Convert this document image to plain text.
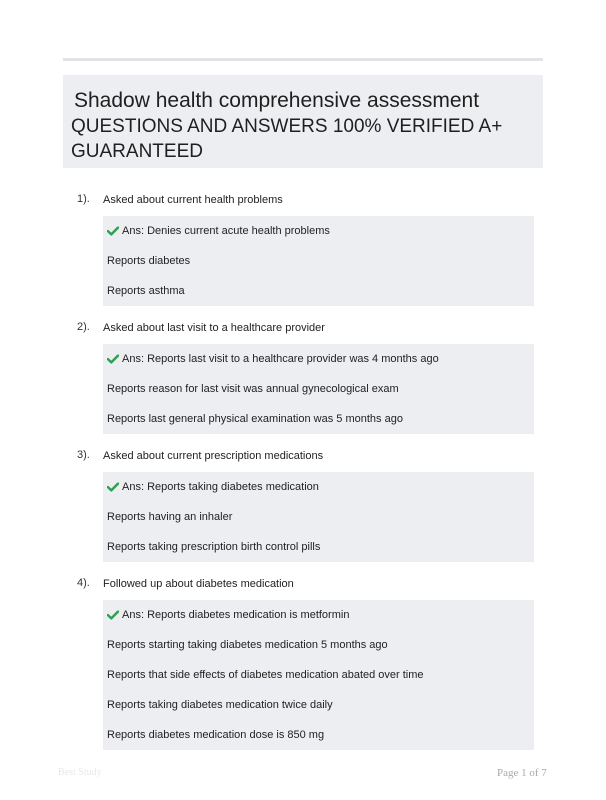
Shadow health comprehensive assessment
QUESTIONS AND ANSWERS 100% VERIFIED A+
GUARANTEED
1). Asked about current health problems
Ans: Denies current acute health problems
Reports diabetes
Reports asthma
2). Asked about last visit to a healthcare provider
Ans: Reports last visit to a healthcare provider was 4 months ago
Reports reason for last visit was annual gynecological exam
Reports last general physical examination was 5 months ago
3). Asked about current prescription medications
Ans: Reports taking diabetes medication
Reports having an inhaler
Reports taking prescription birth control pills
4). Followed up about diabetes medication
Ans: Reports diabetes medication is metformin
Reports starting taking diabetes medication 5 months ago
Reports that side effects of diabetes medication abated over time
Reports taking diabetes medication twice daily
Reports diabetes medication dose is 850 mg
Best Study	Page 1 of 7
